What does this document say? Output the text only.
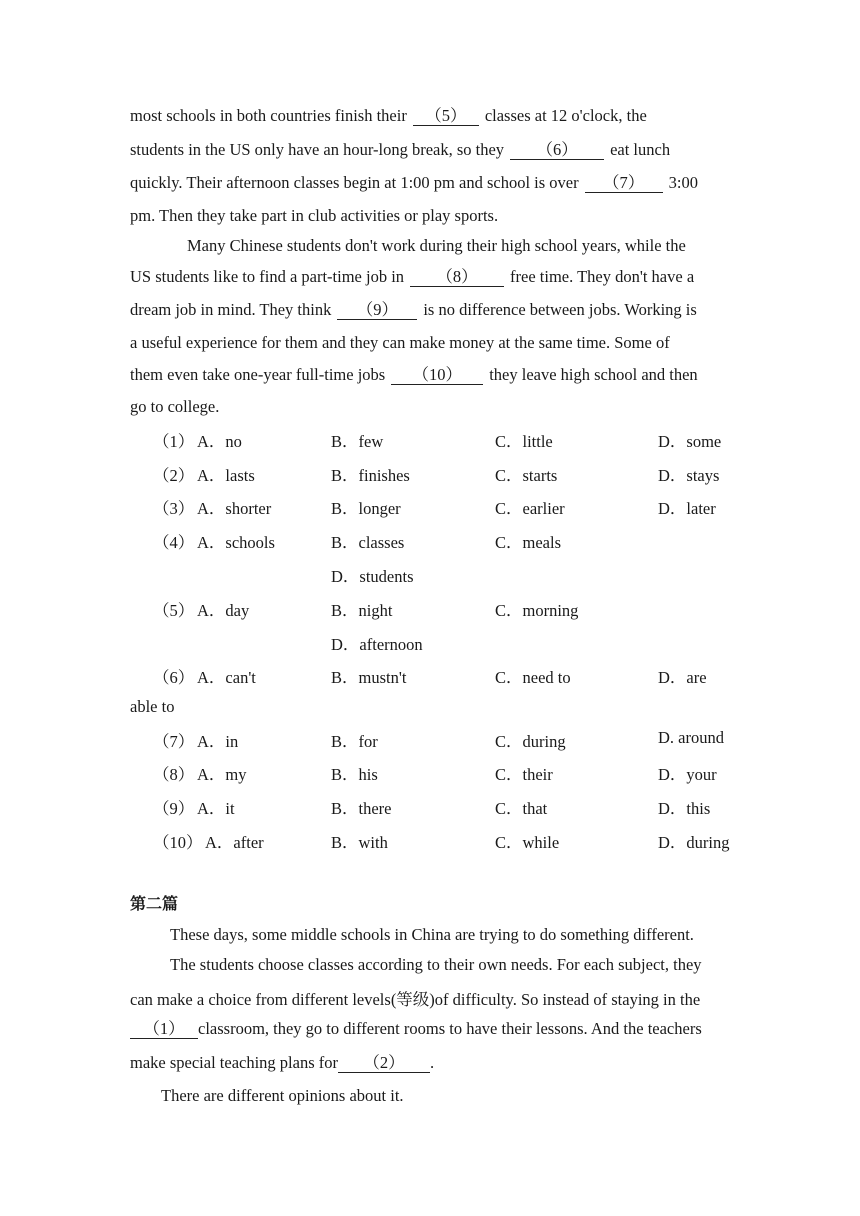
most schools in both countries finish their （5） classes at 12 o'clock, the
students in the US only have an hour-long break, so they （6） eat lunch
quickly. Their afternoon classes begin at 1:00 pm and school is over （7） 3:00
pm. Then they take part in club activities or play sports.
Many Chinese students don't work during their high school years, while the
US students like to find a part-time job in （8） free time. They don't have a
dream job in mind. They think （9） is no difference between jobs. Working is
a useful experience for them and they can make money at the same time. Some of
them even take one-year full-time jobs （10） they leave high school and then
go to college.
（1） A．no	B．few	C．little	D．some
（2） A．lasts	B．finishes	C．starts	D．stays
（3） A．shorter	B．longer	C．earlier	D．later
（4） A．schools	B．classes	C．meals
D．students
（5） A．day	B．night	C．morning
D．afternoon
（6） A．can't	B．mustn't	C．need to	D．are
able to
（7） A．in	B．for	C．during	D. around
（8） A．my	B．his	C．their	D．your
（9） A．it	B．there	C．that	D．this
（10） A．after	B．with	C．while	D．during
第二篇
These days, some middle schools in China are trying to do something different.
The students choose classes according to their own needs. For each subject, they
can make a choice from different levels(等级)of difficulty. So instead of staying in the
（1） classroom, they go to different rooms to have their lessons. And the teachers
make special teaching plans for （2） .
There are different opinions about it.
